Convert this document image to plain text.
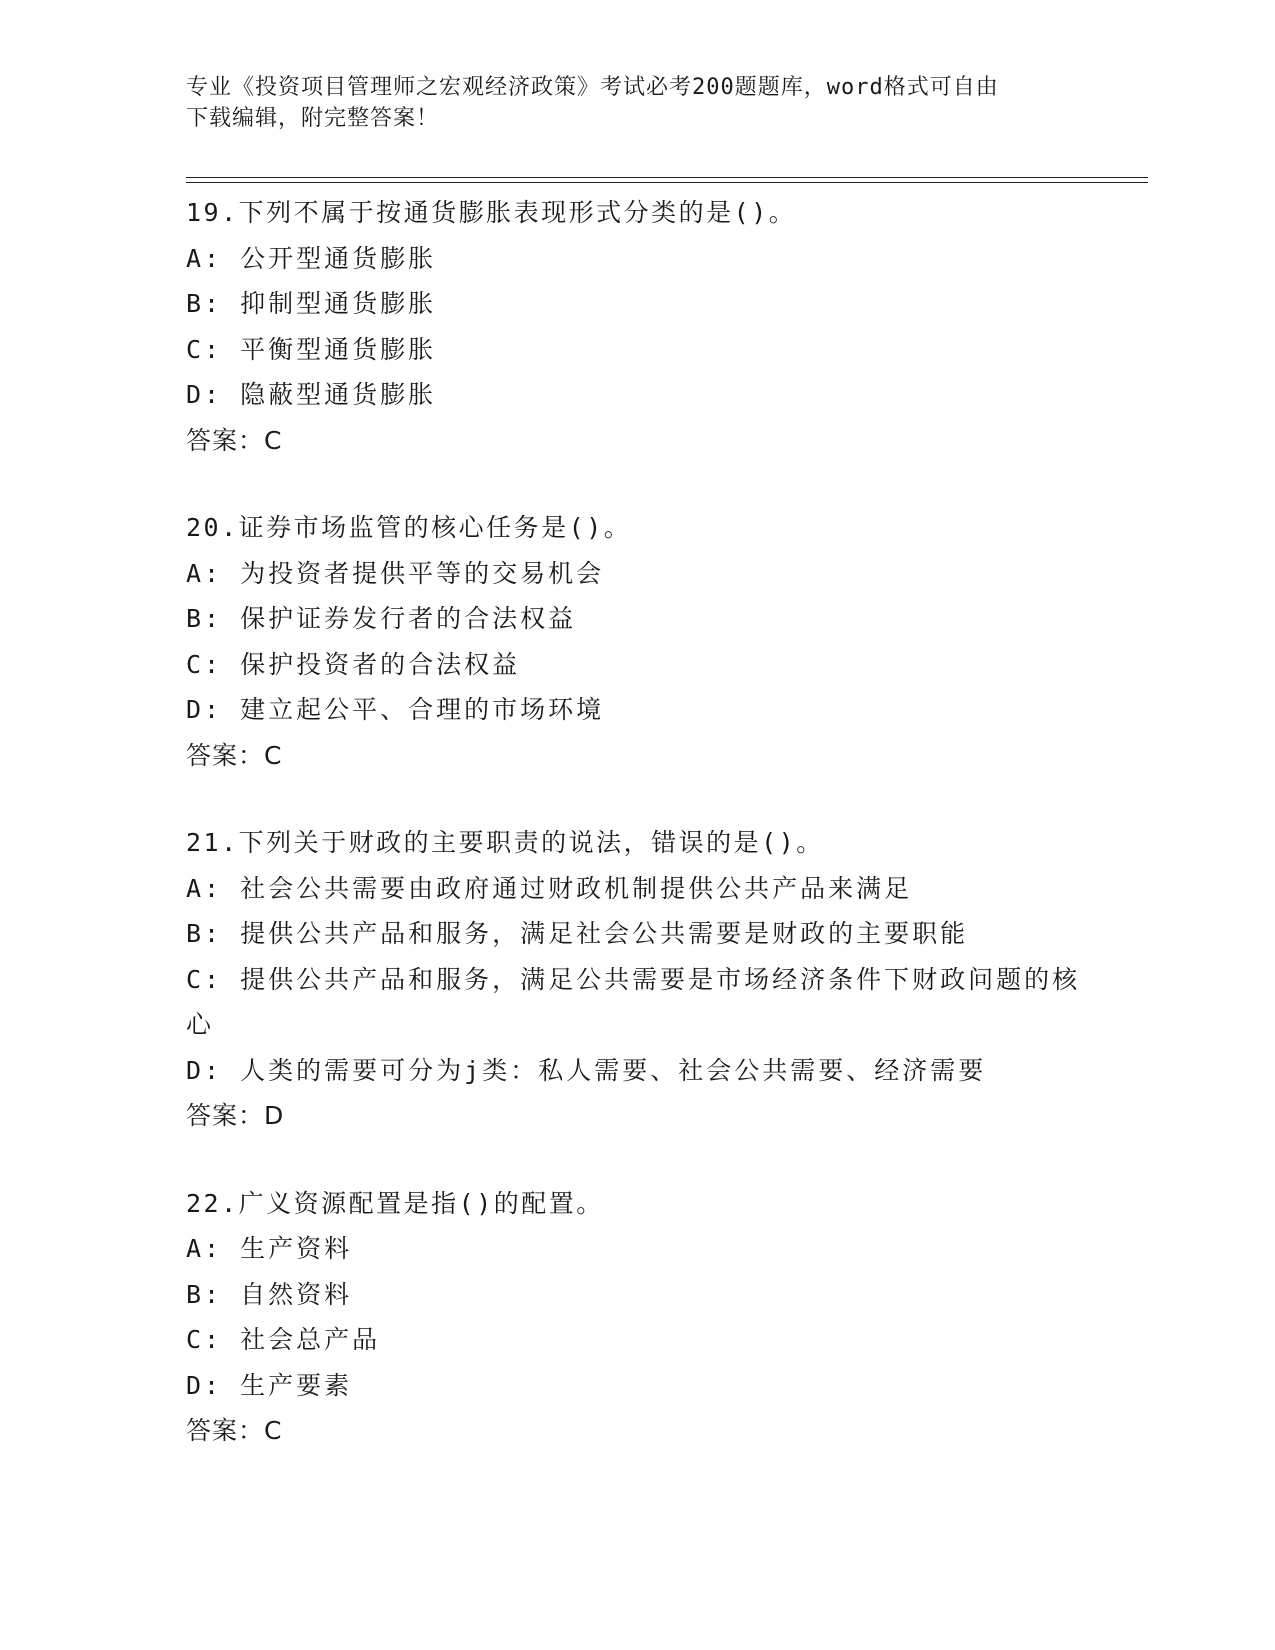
专业《投资项目管理师之宏观经济政策》考试必考200题题库，word格式可自由
下载编辑，附完整答案！
19.下列不属于按通货膨胀表现形式分类的是()。
A: 公开型通货膨胀
B: 抑制型通货膨胀
C: 平衡型通货膨胀
D: 隐蔽型通货膨胀
答案：C
20.证券市场监管的核心任务是()。
A: 为投资者提供平等的交易机会
B: 保护证券发行者的合法权益
C: 保护投资者的合法权益
D: 建立起公平、合理的市场环境
答案：C
21.下列关于财政的主要职责的说法，错误的是()。
A: 社会公共需要由政府通过财政机制提供公共产品来满足
B: 提供公共产品和服务，满足社会公共需要是财政的主要职能
C: 提供公共产品和服务，满足公共需要是市场经济条件下财政问题的核心
D: 人类的需要可分为j类：私人需要、社会公共需要、经济需要
答案：D
22.广义资源配置是指()的配置。
A: 生产资料
B: 自然资料
C: 社会总产品
D: 生产要素
答案：C
